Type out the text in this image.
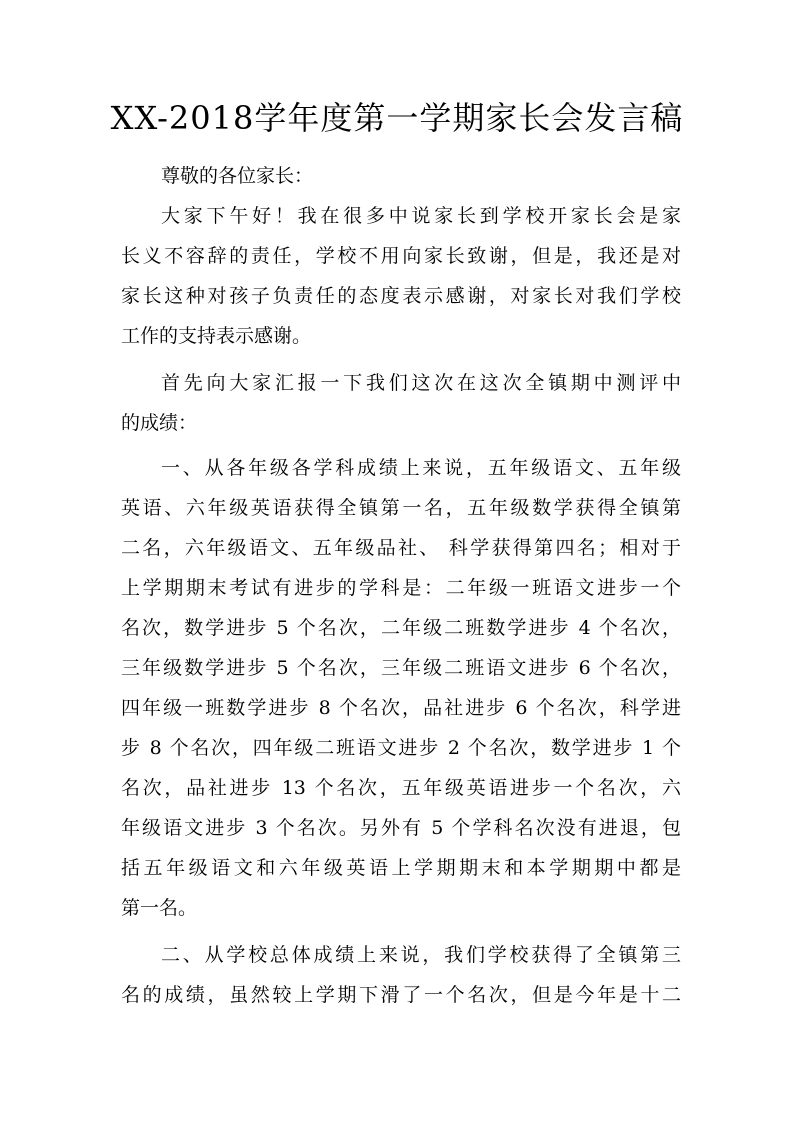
XX-2018学年度第一学期家长会发言稿
尊敬的各位家长：
大家下午好！我在很多中说家长到学校开家长会是家
长义不容辞的责任，学校不用向家长致谢，但是，我还是对
家长这种对孩子负责任的态度表示感谢，对家长对我们学校
工作的支持表示感谢。
首先向大家汇报一下我们这次在这次全镇期中测评中
的成绩：
一、从各年级各学科成绩上来说，五年级语文、五年级
英语、六年级英语获得全镇第一名，五年级数学获得全镇第
二名，六年级语文、五年级品社、 科学获得第四名；相对于
上学期期末考试有进步的学科是：二年级一班语文进步一个
名次，数学进步 5 个名次，二年级二班数学进步 4 个名次，
三年级数学进步 5 个名次，三年级二班语文进步 6 个名次，
四年级一班数学进步 8 个名次，品社进步 6 个名次，科学进
步 8 个名次，四年级二班语文进步 2 个名次，数学进步 1 个
名次，品社进步 13 个名次，五年级英语进步一个名次，六
年级语文进步 3 个名次。另外有 5 个学科名次没有进退，包
括五年级语文和六年级英语上学期期末和本学期期中都是
第一名。
二、从学校总体成绩上来说，我们学校获得了全镇第三
名的成绩，虽然较上学期下滑了一个名次，但是今年是十二
